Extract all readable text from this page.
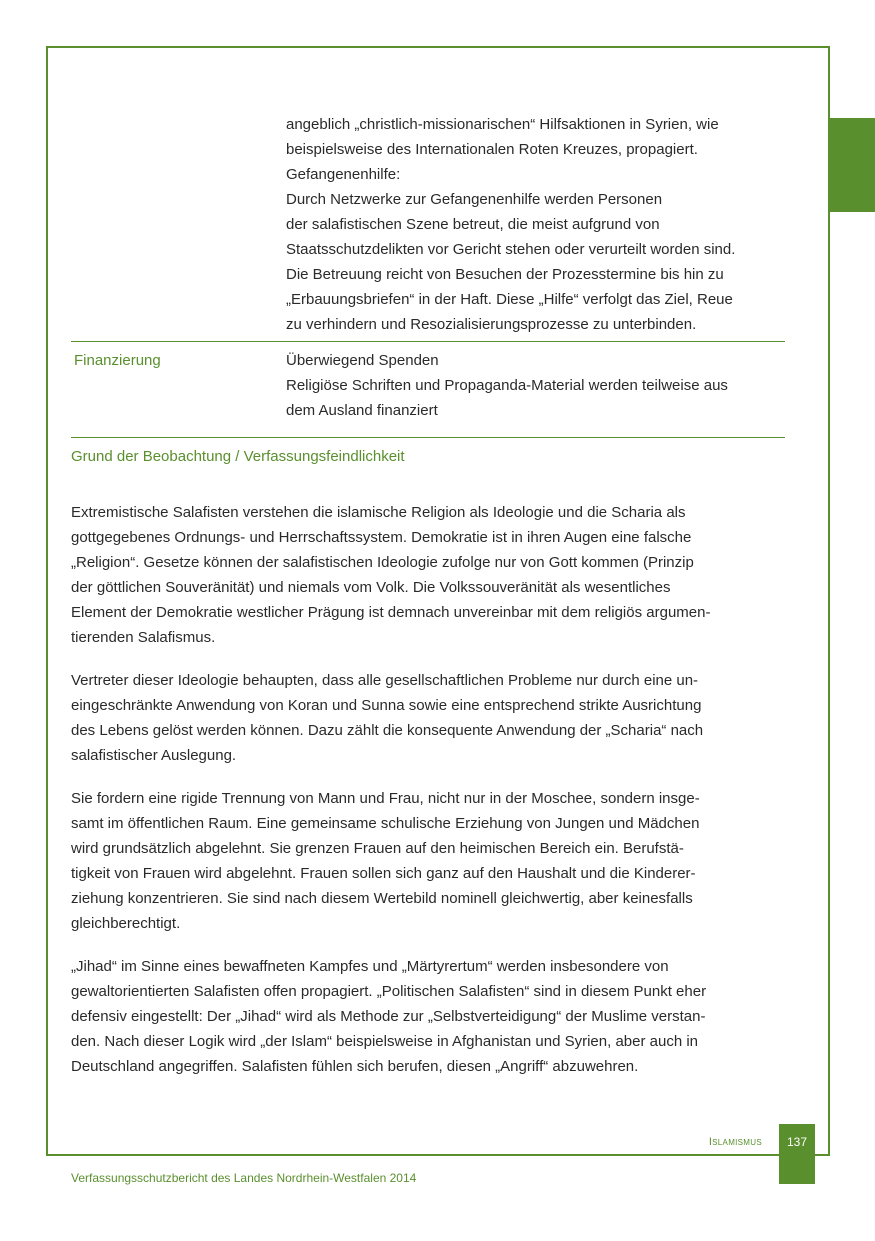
angeblich „christlich-missionarischen“ Hilfsaktionen in Syrien, wie
beispielsweise des Internationalen Roten Kreuzes, propagiert.
Gefangenenhilfe:
Durch Netzwerke zur Gefangenenhilfe werden Personen
der salafistischen Szene betreut, die meist aufgrund von
Staatsschutzdelikten vor Gericht stehen oder verurteilt worden sind.
Die Betreuung reicht von Besuchen der Prozesstermine bis hin zu
„Erbauungsbriefen“ in der Haft. Diese „Hilfe“ verfolgt das Ziel, Reue
zu verhindern und Resozialisierungsprozesse zu unterbinden.
Finanzierung	Überwiegend Spenden
Religiöse Schriften und Propaganda-Material werden teilweise aus
dem Ausland finanziert
Grund der Beobachtung / Verfassungsfeindlichkeit

Extremistische Salafisten verstehen die islamische Religion als Ideologie und die Scharia als
gottgegebenes Ordnungs- und Herrschaftssystem. Demokratie ist in ihren Augen eine falsche
„Religion“. Gesetze können der salafistischen Ideologie zufolge nur von Gott kommen (Prinzip
der göttlichen Souveränität) und niemals vom Volk. Die Volkssouveränität als wesentliches
Element der Demokratie westlicher Prägung ist demnach unvereinbar mit dem religiös argumen-
tierenden Salafismus.

Vertreter dieser Ideologie behaupten, dass alle gesellschaftlichen Probleme nur durch eine un-
eingeschränkte Anwendung von Koran und Sunna sowie eine entsprechend strikte Ausrichtung
des Lebens gelöst werden können. Dazu zählt die konsequente Anwendung der „Scharia“ nach
salafistischer Auslegung.

Sie fordern eine rigide Trennung von Mann und Frau, nicht nur in der Moschee, sondern insge-
samt im öffentlichen Raum. Eine gemeinsame schulische Erziehung von Jungen und Mädchen
wird grundsätzlich abgelehnt. Sie grenzen Frauen auf den heimischen Bereich ein. Berufstä-
tigkeit von Frauen wird abgelehnt. Frauen sollen sich ganz auf den Haushalt und die Kinderer-
ziehung konzentrieren. Sie sind nach diesem Wertebild nominell gleichwertig, aber keinesfalls
gleichberechtigt.

„Jihad“ im Sinne eines bewaffneten Kampfes und „Märtyrertum“ werden insbesondere von
gewaltorientierten Salafisten offen propagiert. „Politischen Salafisten“ sind in diesem Punkt eher
defensiv eingestellt: Der „Jihad“ wird als Methode zur „Selbstverteidigung“ der Muslime verstan-
den. Nach dieser Logik wird „der Islam“ beispielsweise in Afghanistan und Syrien, aber auch in
Deutschland angegriffen. Salafisten fühlen sich berufen, diesen „Angriff“ abzuwehren.

Islamismus	137
Verfassungsschutzbericht des Landes Nordrhein-Westfalen 2014
